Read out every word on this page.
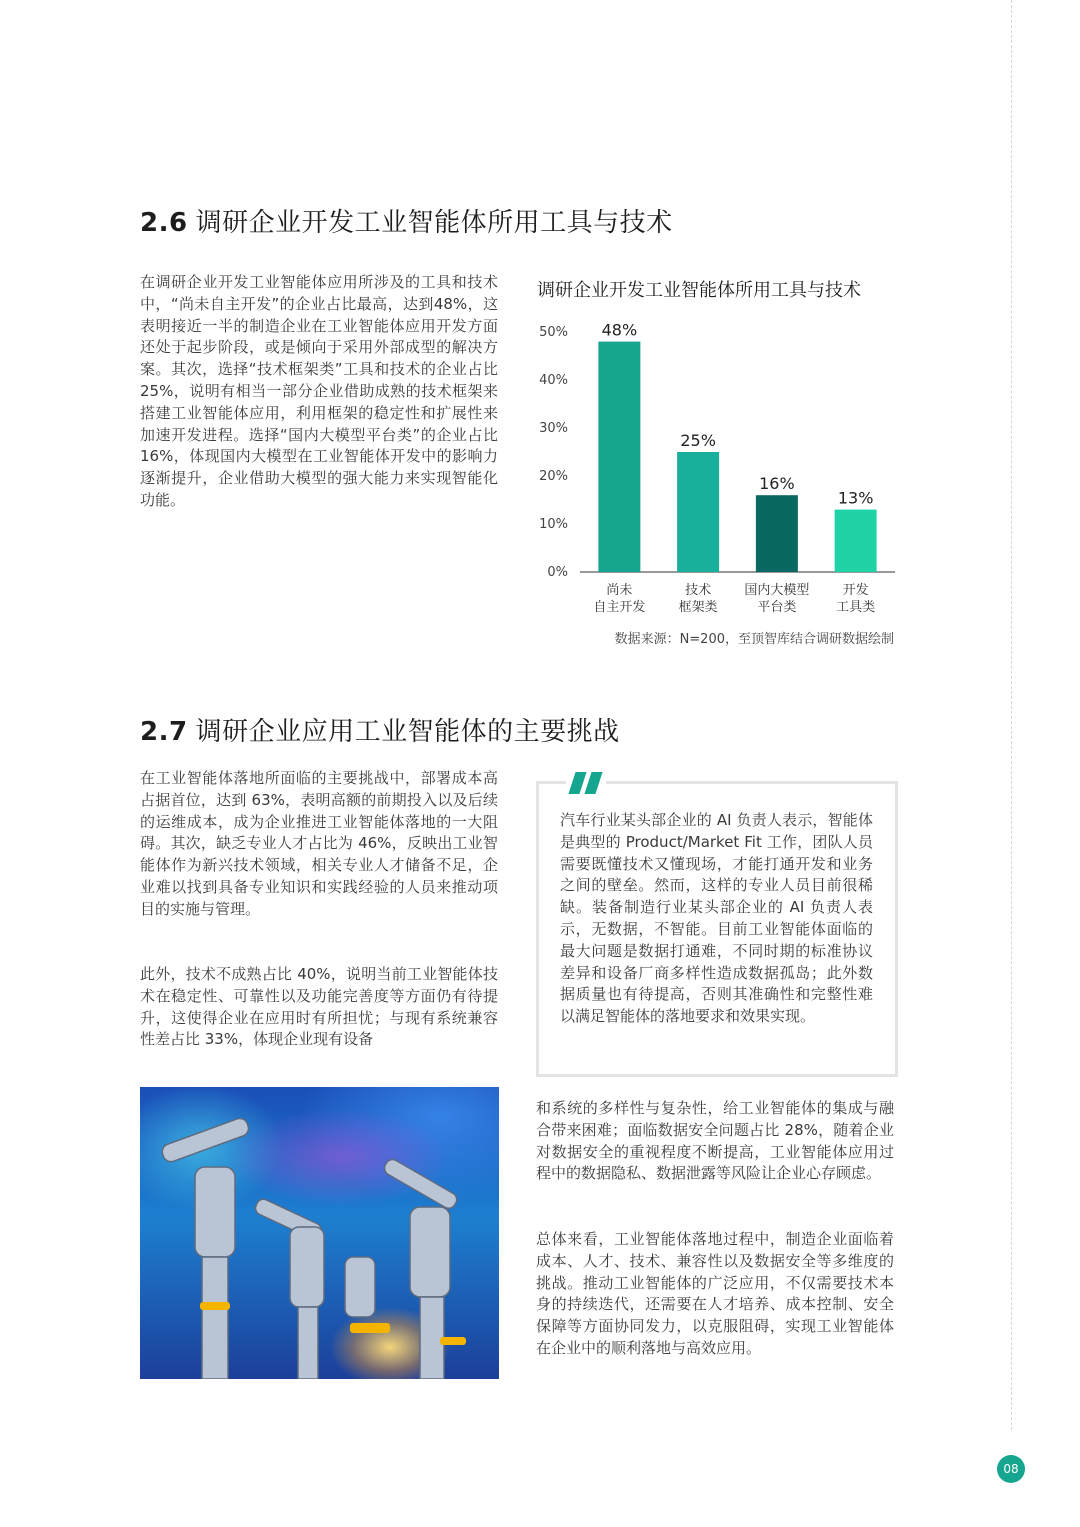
2.6 调研企业开发工业智能体所用工具与技术

在调研企业开发工业智能体应用所涉及的工具和技术中，“尚未自主开发”的企业占比最高，达到48%，这表明接近一半的制造企业在工业智能体应用开发方面还处于起步阶段，或是倾向于采用外部成型的解决方案。其次，选择“技术框架类”工具和技术的企业占比 25%，说明有相当一部分企业借助成熟的技术框架来搭建工业智能体应用，利用框架的稳定性和扩展性来加速开发进程。选择“国内大模型平台类”的企业占比 16%，体现国内大模型在工业智能体开发中的影响力逐渐提升，企业借助大模型的强大能力来实现智能化功能。

调研企业开发工业智能体所用工具与技术
0%
10%
20%
30%
40%
50% 48%
尚未
自主开发
25%
技术
框架类
16%
国内大模型
平台类
13%
开发
工具类
数据来源：N=200，至顶智库结合调研数据绘制
2.7 调研企业应用工业智能体的主要挑战

在工业智能体落地所面临的主要挑战中，部署成本高占据首位，达到 63%，表明高额的前期投入以及后续的运维成本，成为企业推进工业智能体落地的一大阻碍。其次，缺乏专业人才占比为 46%，反映出工业智能体作为新兴技术领域，相关专业人才储备不足，企业难以找到具备专业知识和实践经验的人员来推动项目的实施与管理。

此外，技术不成熟占比 40%，说明当前工业智能体技术在稳定性、可靠性以及功能完善度等方面仍有待提升，这使得企业在应用时有所担忧；与现有系统兼容性差占比 33%，体现企业现有设备

汽车行业某头部企业的 AI 负责人表示，智能体是典型的 Product/Market Fit 工作，团队人员需要既懂技术又懂现场，才能打通开发和业务之间的壁垒。然而，这样的专业人员目前很稀缺。装备制造行业某头部企业的 AI 负责人表示，无数据，不智能。目前工业智能体面临的最大问题是数据打通难，不同时期的标准协议差异和设备厂商多样性造成数据孤岛；此外数据质量也有待提高，否则其准确性和完整性难以满足智能体的落地要求和效果实现。

和系统的多样性与复杂性，给工业智能体的集成与融合带来困难；面临数据安全问题占比 28%，随着企业对数据安全的重视程度不断提高，工业智能体应用过程中的数据隐私、数据泄露等风险让企业心存顾虑。

总体来看，工业智能体落地过程中，制造企业面临着成本、人才、技术、兼容性以及数据安全等多维度的挑战。推动工业智能体的广泛应用，不仅需要技术本身的持续迭代，还需要在人才培养、成本控制、安全保障等方面协同发力，以克服阻碍，实现工业智能体在企业中的顺利落地与高效应用。

08
